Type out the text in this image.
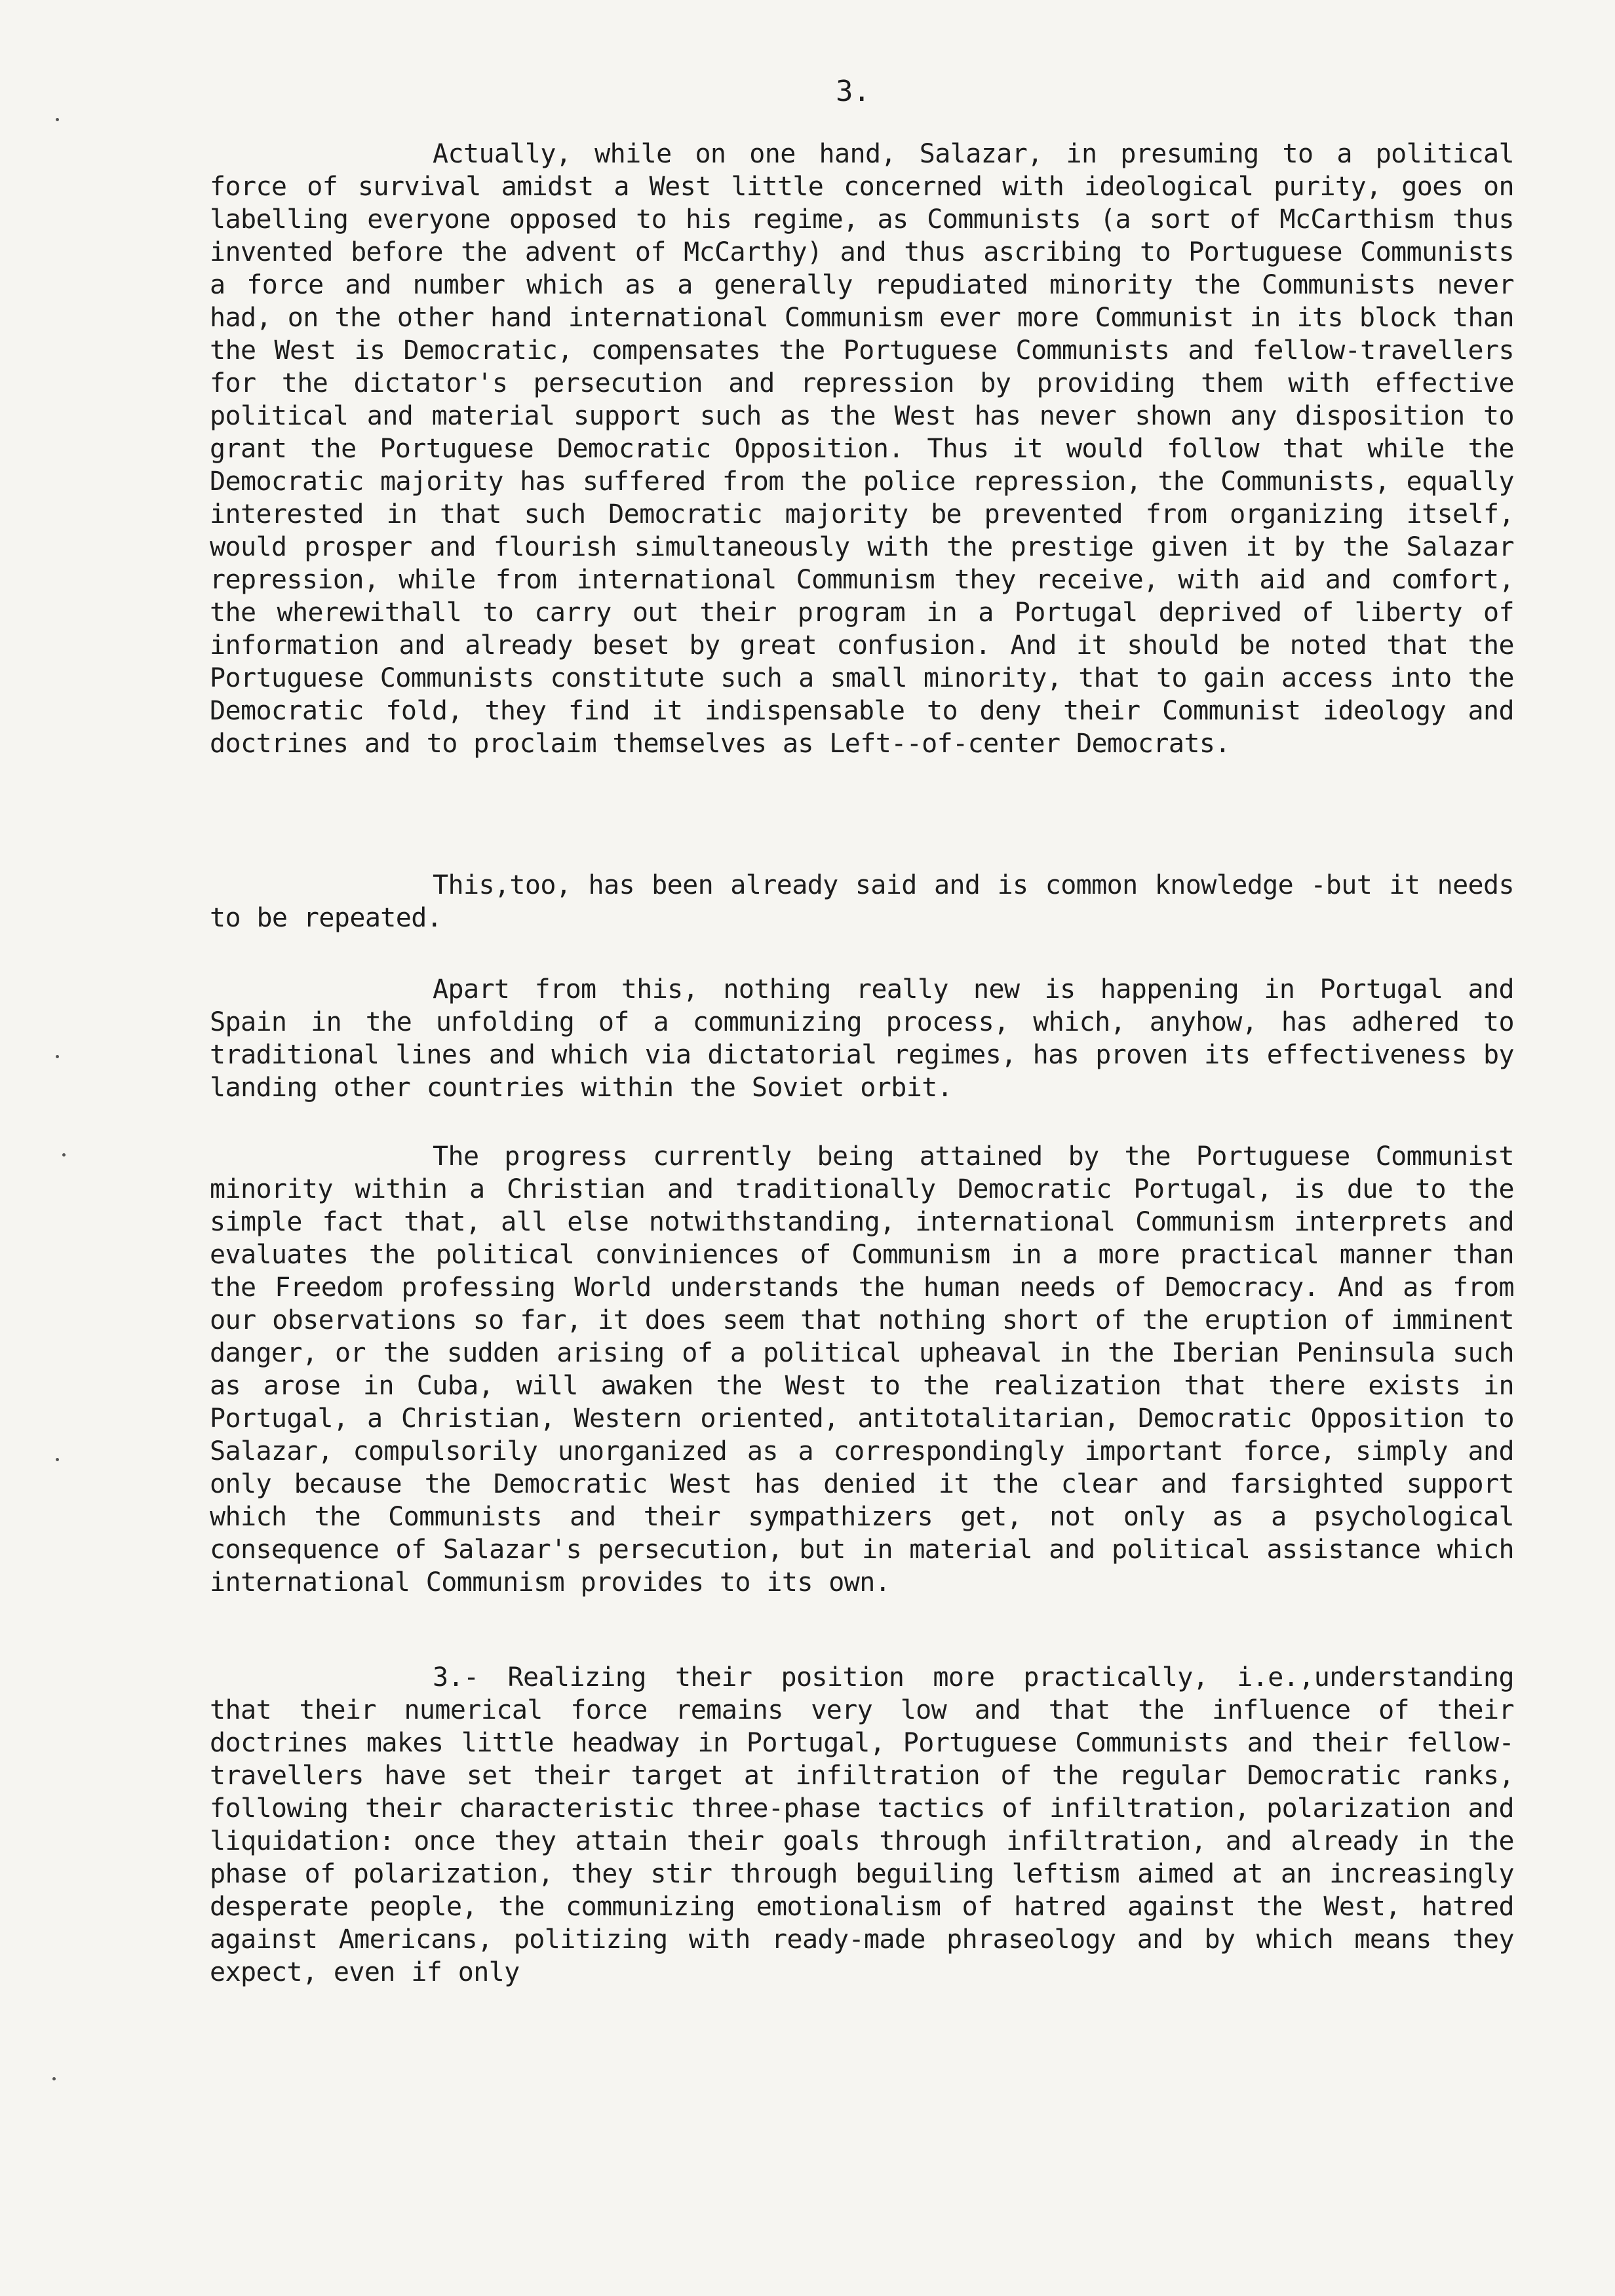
3.

Actually, while on one hand, Salazar, in presuming to a political force of survival amidst a West little concerned with ideological purity, goes on labelling everyone opposed to his regime, as Communists (a sort of McCarthism thus invented before the advent of McCarthy) and thus ascribing to Portuguese Communists a force and number which as a generally repudiated minority the Communists never had, on the other hand international Communism ever more Communist in its block than the West is Democratic, compensates the Portuguese Communists and fellow-travellers for the dictator's persecution and repression by providing them with effective political and material support such as the West has never shown any disposition to grant the Portuguese Democratic Opposition. Thus it would follow that while the Democratic majority has suffered from the police repression, the Communists, equally interested in that such Democratic majority be prevented from organizing itself, would prosper and flourish simultaneously with the prestige given it by the Salazar repression, while from international Communism they receive, with aid and comfort, the wherewithall to carry out their program in a Portugal deprived of liberty of information and already beset by great confusion. And it should be noted that the Portuguese Communists constitute such a small minority, that to gain access into the Democratic fold, they find it indispensable to deny their Communist ideology and doctrines and to proclaim themselves as Left--of-center Democrats.

This,too, has been already said and is common knowledge -but it needs to be repeated.

Apart from this, nothing really new is happening in Portugal and Spain in the unfolding of a communizing process, which, anyhow, has adhered to traditional lines and which via dictatorial regimes, has proven its effectiveness by landing other countries within the Soviet orbit.

The progress currently being attained by the Portuguese Communist minority within a Christian and traditionally Democratic Portugal, is due to the simple fact that, all else notwithstanding, international Communism interprets and evaluates the political conviniences of Communism in a more practical manner than the Freedom professing World understands the human needs of Democracy. And as from our observations so far, it does seem that nothing short of the eruption of imminent danger, or the sudden arising of a political upheaval in the Iberian Peninsula such as arose in Cuba, will awaken the West to the realization that there exists in Portugal, a Christian, Western oriented, antitotalitarian, Democratic Opposition to Salazar, compulsorily unorganized as a correspondingly important force, simply and only because the Democratic West has denied it the clear and farsighted support which the Communists and their sympathizers get, not only as a psychological consequence of Salazar's persecution, but in material and political assistance which international Communism provides to its own.

3.- Realizing their position more practically, i.e.,understanding that their numerical force remains very low and that the influence of their doctrines makes little headway in Portugal, Portuguese Communists and their fellow-travellers have set their target at infiltration of the regular Democratic ranks, following their characteristic three-phase tactics of infiltration, polarization and liquidation: once they attain their goals through infiltration, and already in the phase of polarization, they stir through beguiling leftism aimed at an increasingly desperate people, the communizing emotionalism of hatred against the West, hatred against Americans, politizing with ready-made phraseology and by which means they expect, even if only
